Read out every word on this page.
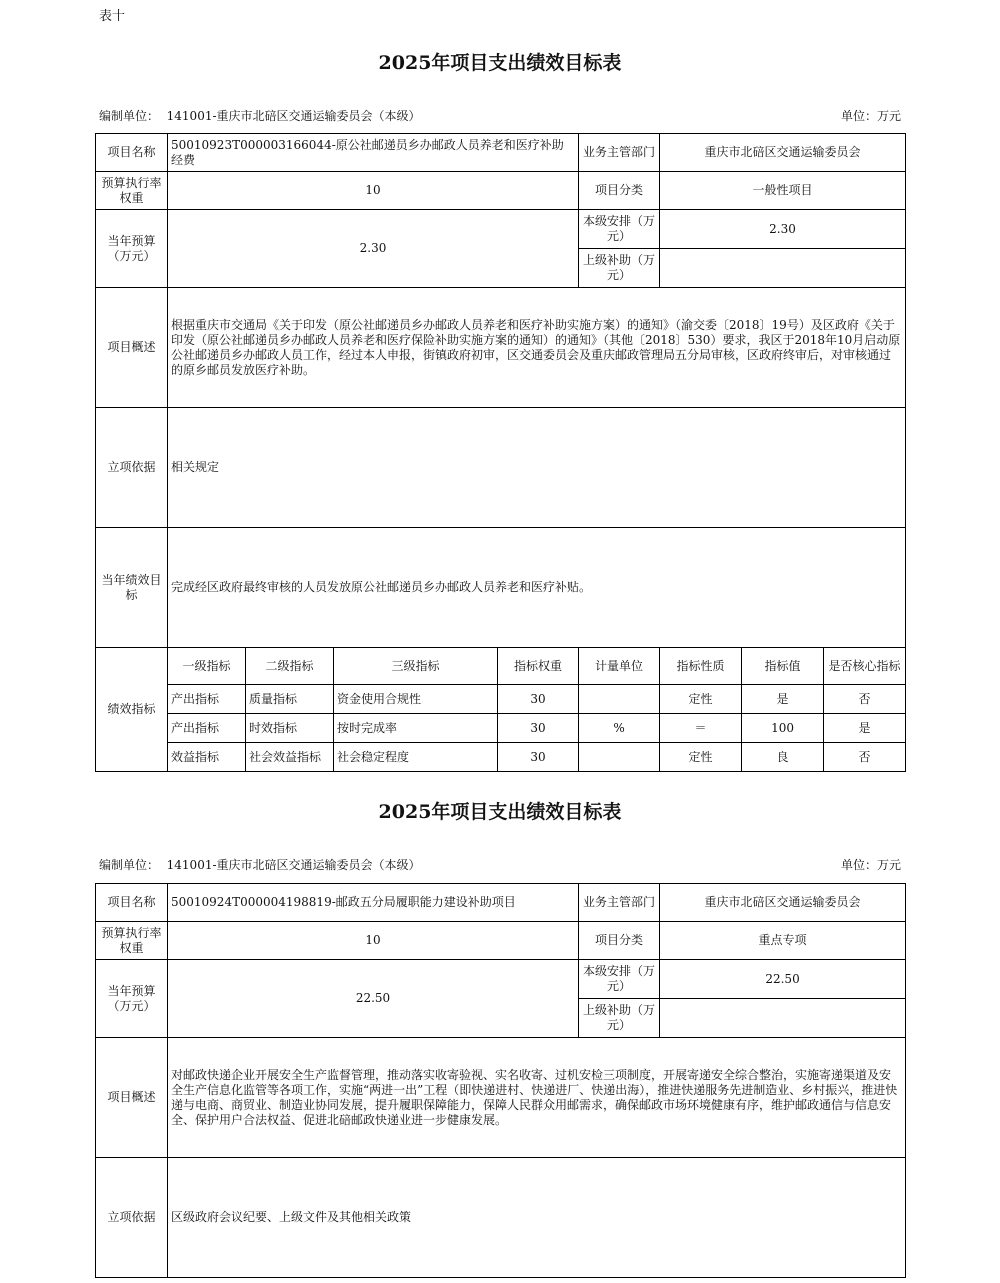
表十
2025年项目支出绩效目标表
编制单位： 141001-重庆市北碚区交通运输委员会（本级）	单位：万元
项目名称	50010923T000003166044-原公社邮递员乡办邮政人员养老和医疗补助经费				业务主管部门	重庆市北碚区交通运输委员会		
预算执行率权重	10				项目分类	一般性项目		
当年预算（万元）	2.30				本级安排（万元）	2.30		
					上级补助（万元）			
项目概述	根据重庆市交通局《关于印发（原公社邮递员乡办邮政人员养老和医疗补助实施方案）的通知》（渝交委〔2018〕19号）及区政府《关于印发（原公社邮递员乡办邮政人员养老和医疗保险补助实施方案的通知）的通知》（其他〔2018〕530）要求，我区于2018年10月启动原公社邮递员乡办邮政人员工作，经过本人申报，街镇政府初审，区交通委员会及重庆邮政管理局五分局审核，区政府终审后，对审核通过的原乡邮员发放医疗补助。							
立项依据	相关规定							
当年绩效目标	完成经区政府最终审核的人员发放原公社邮递员乡办邮政人员养老和医疗补贴。							
绩效指标	一级指标	二级指标	三级指标	指标权重	计量单位	指标性质	指标值	是否核心指标
	产出指标	质量指标	资金使用合规性	30		定性	是	否
	产出指标	时效指标	按时完成率	30	%	＝	100	是
	效益指标	社会效益指标	社会稳定程度	30		定性	良	否
2025年项目支出绩效目标表
编制单位： 141001-重庆市北碚区交通运输委员会（本级）	单位：万元
项目名称	50010924T000004198819-邮政五分局履职能力建设补助项目	业务主管部门	重庆市北碚区交通运输委员会
预算执行率权重	10	项目分类	重点专项
当年预算（万元）	22.50	本级安排（万元）	22.50
		上级补助（万元）	
项目概述	对邮政快递企业开展安全生产监督管理，推动落实收寄验视、实名收寄、过机安检三项制度，开展寄递安全综合整治，实施寄递渠道及安全生产信息化监管等各项工作，实施“两进一出”工程（即快递进村、快递进厂、快递出海），推进快递服务先进制造业、乡村振兴，推进快递与电商、商贸业、制造业协同发展，提升履职保障能力，保障人民群众用邮需求，确保邮政市场环境健康有序，维护邮政通信与信息安全、保护用户合法权益、促进北碚邮政快递业进一步健康发展。		
立项依据	区级政府会议纪要、上级文件及其他相关政策		
